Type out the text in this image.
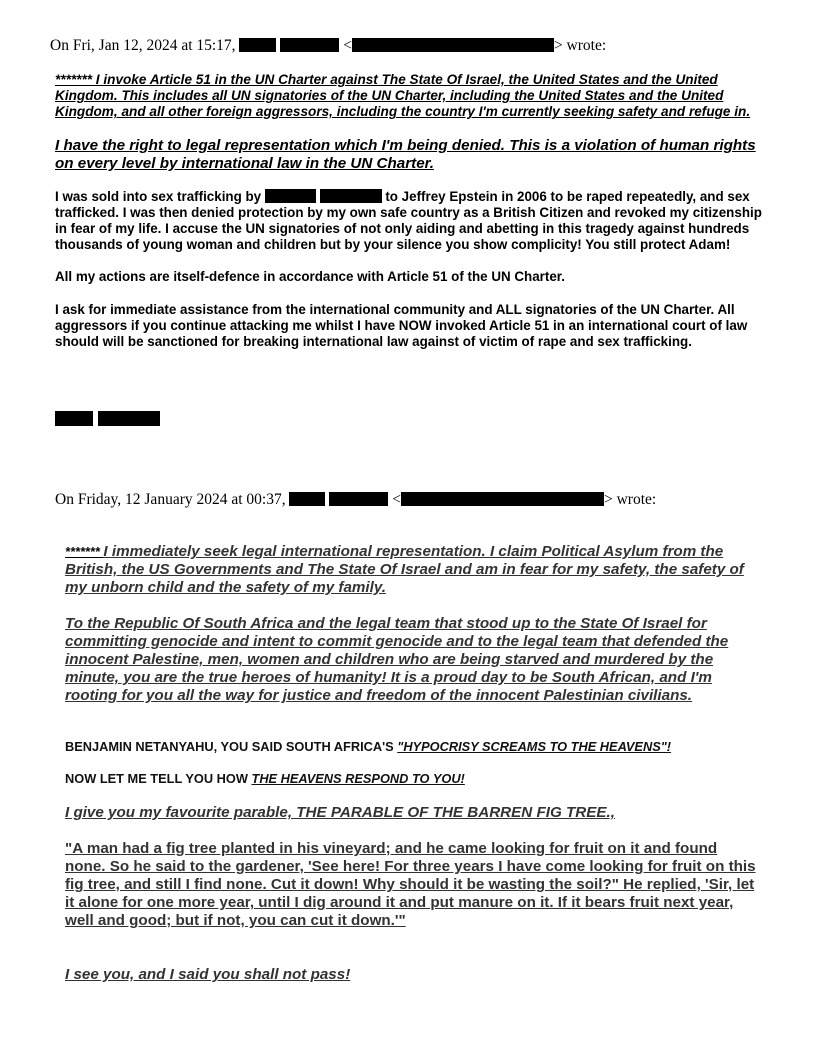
On Fri, Jan 12, 2024 at 15:17,	<	> wrote:

******* I invoke Article 51 in the UN Charter against The State Of Israel, the United States and the United Kingdom. This includes all UN signatories of the UN Charter, including the United States and the United Kingdom, and all other foreign aggressors, including the country I'm currently seeking safety and refuge in.

I have the right to legal representation which I'm being denied. This is a violation of human rights on every level by international law in the UN Charter.

I was sold into sex trafficking by	to Jeffrey Epstein in 2006 to be raped repeatedly, and sex trafficked. I was then denied protection by my own safe country as a British Citizen and revoked my citizenship in fear of my life. I accuse the UN signatories of not only aiding and abetting in this tragedy against hundreds thousands of young woman and children but by your silence you show complicity! You still protect Adam!

All my actions are itself-defence in accordance with Article 51 of the UN Charter.

I ask for immediate assistance from the international community and ALL signatories of the UN Charter. All aggressors if you continue attacking me whilst I have NOW invoked Article 51 in an international court of law should will be sanctioned for breaking international law against of victim of rape and sex trafficking.

On Friday, 12 January 2024 at 00:37,	<	> wrote:

******* I immediately seek legal international representation. I claim Political Asylum from the British, the US Governments and The State Of Israel and am in fear for my safety, the safety of my unborn child and the safety of my family.

To the Republic Of South Africa and the legal team that stood up to the State Of Israel for committing genocide and intent to commit genocide and to the legal team that defended the innocent Palestine, men, women and children who are being starved and murdered by the minute, you are the true heroes of humanity! It is a proud day to be South African, and I'm rooting for you all the way for justice and freedom of the innocent Palestinian civilians.

BENJAMIN NETANYAHU, YOU SAID SOUTH AFRICA'S "HYPOCRISY SCREAMS TO THE HEAVENS"!

NOW LET ME TELL YOU HOW THE HEAVENS RESPOND TO YOU!

I give you my favourite parable, THE PARABLE OF THE BARREN FIG TREE.,

"A man had a fig tree planted in his vineyard; and he came looking for fruit on it and found none. So he said to the gardener, 'See here! For three years I have come looking for fruit on this fig tree, and still I find none. Cut it down! Why should it be wasting the soil?" He replied, 'Sir, let it alone for one more year, until I dig around it and put manure on it. If it bears fruit next year, well and good; but if not, you can cut it down.'"

I see you, and I said you shall not pass!
